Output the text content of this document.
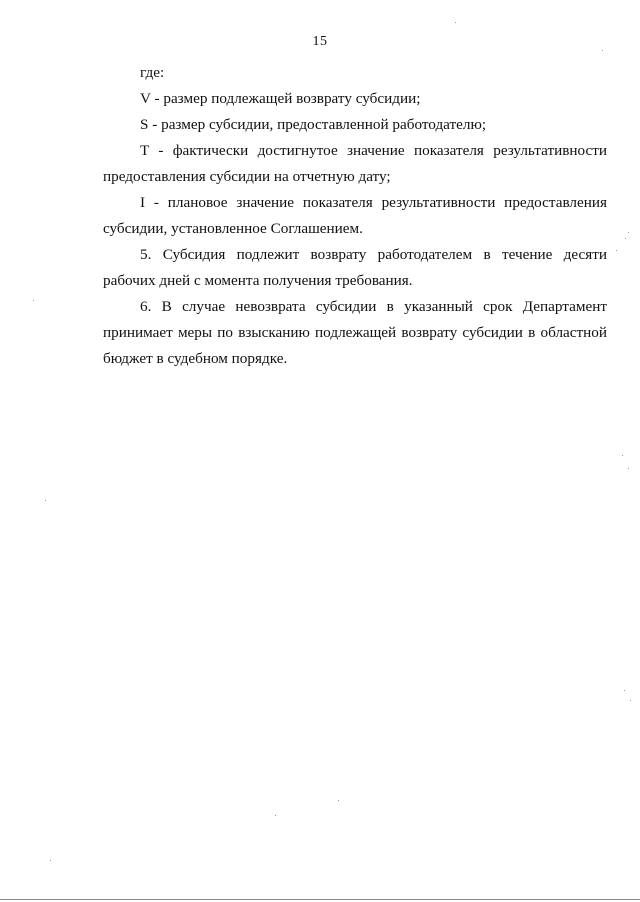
15

где:

V - размер подлежащей возврату субсидии;

S - размер субсидии, предоставленной работодателю;

T - фактически достигнутое значение показателя результативности предоставления субсидии на отчетную дату;

I - плановое значение показателя результативности предоставления субсидии, установленное Соглашением.

5. Субсидия подлежит возврату работодателем в течение десяти рабочих дней с момента получения требования.

6. В случае невозврата субсидии в указанный срок Департамент принимает меры по взысканию подлежащей возврату субсидии в областной бюджет в судебном порядке.
